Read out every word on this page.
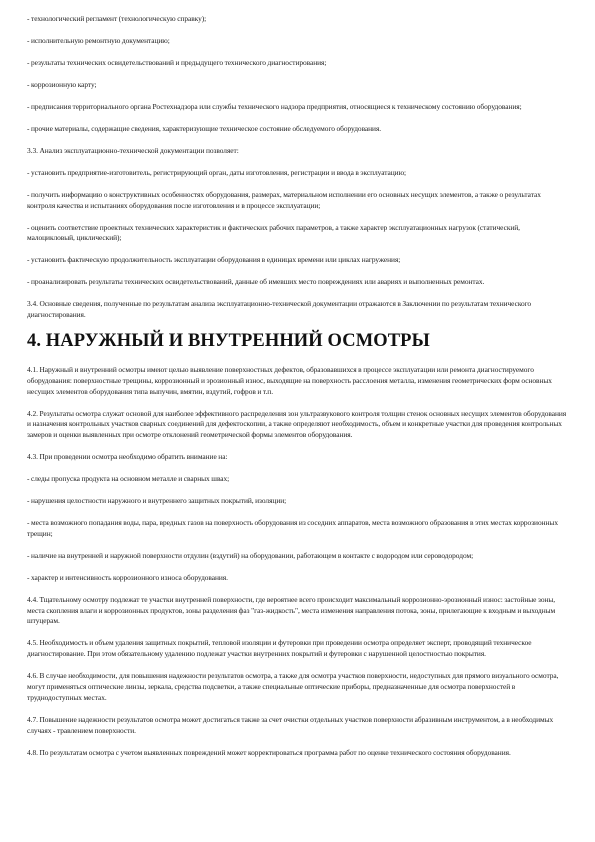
- технологический регламент (технологическую справку);

- исполнительную ремонтную документацию;

- результаты технических освидетельствований и предыдущего технического диагностирования;

- коррозионную карту;

- предписания территориального органа Ростехнадзора или службы технического надзора предприятия, относящиеся к техническому состоянию оборудования;

- прочие материалы, содержащие сведения, характеризующие техническое состояние обследуемого оборудования.

3.3. Анализ эксплуатационно-технической документации позволяет:

- установить предприятие-изготовитель, регистрирующий орган, даты изготовления, регистрации и ввода в эксплуатацию;

- получить информацию о конструктивных особенностях оборудования, размерах, материальном исполнении его основных несущих элементов, а также о результатах контроля качества и испытаниях оборудования после изготовления и в процессе эксплуатации;

- оценить соответствие проектных технических характеристик и фактических рабочих параметров, а также характер эксплуатационных нагрузок (статический, малоцикловый, циклический);

- установить фактическую продолжительность эксплуатации оборудования в единицах времени или циклах нагружения;

- проанализировать результаты технических освидетельствований, данные об имевших место повреждениях или авариях и выполненных ремонтах.

3.4. Основные сведения, полученные по результатам анализа эксплуатационно-технической документации отражаются в Заключении по результатам технического диагностирования.

4. НАРУЖНЫЙ И ВНУТРЕННИЙ ОСМОТРЫ

4.1. Наружный и внутренний осмотры имеют целью выявление поверхностных дефектов, образовавшихся в процессе эксплуатации или ремонта диагностируемого оборудования: поверхностные трещины, коррозионный и эрозионный износ, выходящие на поверхность расслоения металла, изменения геометрических форм основных несущих элементов оборудования типа выпучин, вмятин, вздутий, гофров и т.п.

4.2. Результаты осмотра служат основой для наиболее эффективного распределения зон ультразвукового контроля толщин стенок основных несущих элементов оборудования и назначения контрольных участков сварных соединений для дефектоскопии, а также определяют необходимость, объем и конкретные участки для проведения контрольных замеров и оценки выявленных при осмотре отклонений геометрической формы элементов оборудования.

4.3. При проведении осмотра необходимо обратить внимание на:

- следы пропуска продукта на основном металле и сварных швах;

- нарушения целостности наружного и внутреннего защитных покрытий, изоляции;

- места возможного попадания воды, пара, вредных газов на поверхность оборудования из соседних аппаратов, места возможного образования в этих местах коррозионных трещин;

- наличие на внутренней и наружной поверхности отдулин (вздутий) на оборудовании, работающем в контакте с водородом или сероводородом;

- характер и интенсивность коррозионного износа оборудования.

4.4. Тщательному осмотру подлежат те участки внутренней поверхности, где вероятнее всего происходит максимальный коррозионно-эрозионный износ: застойные зоны, места скопления влаги и коррозионных продуктов, зоны разделения фаз "газ-жидкость", места изменения направления потока, зоны, прилегающие к входным и выходным штуцерам.

4.5. Необходимость и объем удаления защитных покрытий, тепловой изоляции и футеровки при проведении осмотра определяет эксперт, проводящий техническое диагностирование. При этом обязательному удалению подлежат участки внутренних покрытий и футеровки с нарушенной целостностью покрытия.

4.6. В случае необходимости, для повышения надежности результатов осмотра, а также для осмотра участков поверхности, недоступных для прямого визуального осмотра, могут применяться оптические линзы, зеркала, средства подсветки, а также специальные оптические приборы, предназначенные для осмотра поверхностей в труднодоступных местах.

4.7. Повышение надежности результатов осмотра может достигаться также за счет очистки отдельных участков поверхности абразивным инструментом, а в необходимых случаях - травлением поверхности.

4.8. По результатам осмотра с учетом выявленных повреждений может корректироваться программа работ по оценке технического состояния оборудования.
